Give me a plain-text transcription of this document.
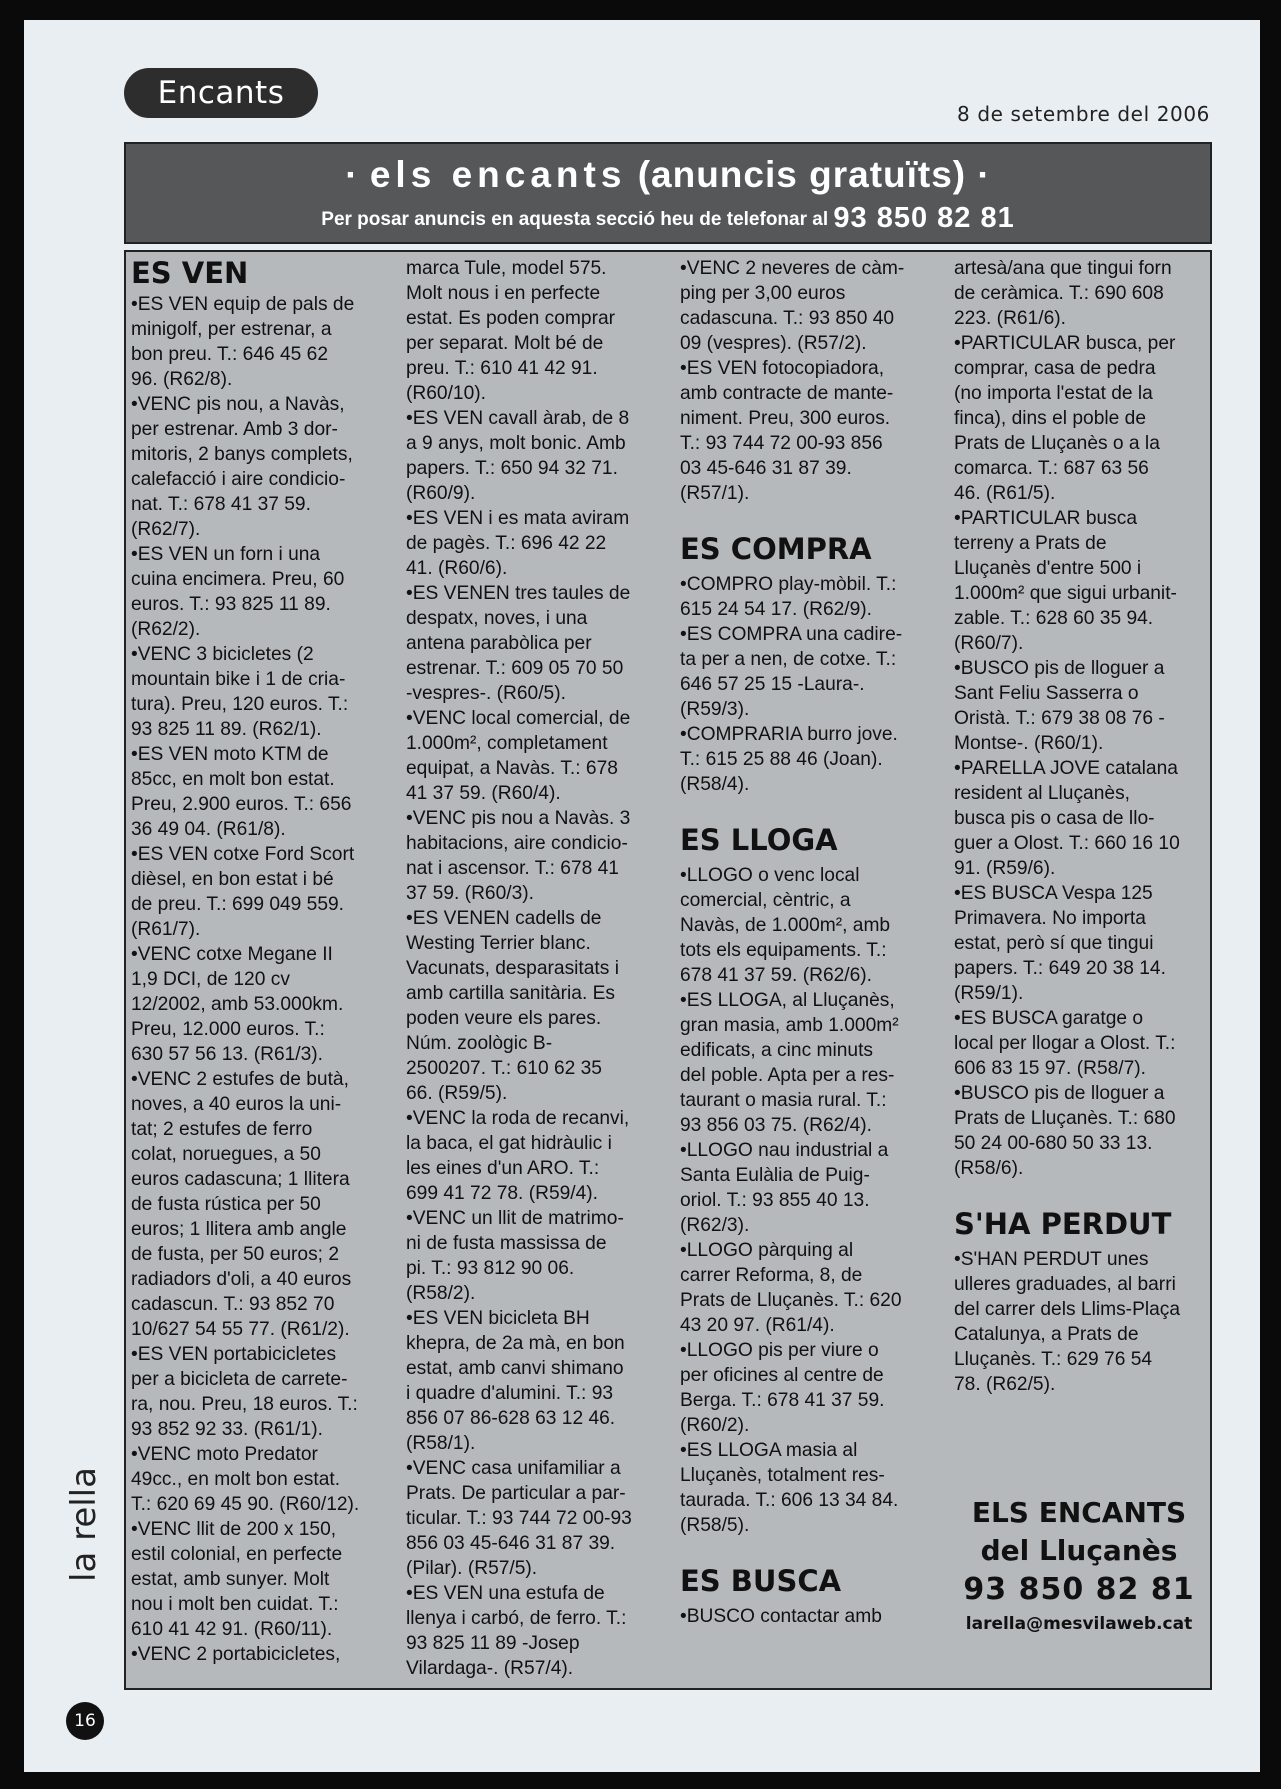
Encants
8 de setembre del 2006
· els encants (anuncis gratuïts) ·
Per posar anuncis en aquesta secció heu de telefonar al 93 850 82 81
ES VEN

•ES VEN equip de pals de

minigolf, per estrenar, a

bon preu. T.: 646 45 62

96. (R62/8).

•VENC pis nou, a Navàs,

per estrenar. Amb 3 dor-

mitoris, 2 banys complets,

calefacció i aire condicio-

nat. T.: 678 41 37 59.

(R62/7).

•ES VEN un forn i una

cuina encimera. Preu, 60

euros. T.: 93 825 11 89.

(R62/2).

•VENC 3 bicicletes (2

mountain bike i 1 de cria-

tura). Preu, 120 euros. T.:

93 825 11 89. (R62/1).

•ES VEN moto KTM de

85cc, en molt bon estat.

Preu, 2.900 euros. T.: 656

36 49 04. (R61/8).

•ES VEN cotxe Ford Scort

dièsel, en bon estat i bé

de preu. T.: 699 049 559.

(R61/7).

•VENC cotxe Megane II

1,9 DCI, de 120 cv

12/2002, amb 53.000km.

Preu, 12.000 euros. T.:

630 57 56 13. (R61/3).

•VENC 2 estufes de butà,

noves, a 40 euros la uni-

tat; 2 estufes de ferro

colat, noruegues, a 50

euros cadascuna; 1 llitera

de fusta rústica per 50

euros; 1 llitera amb angle

de fusta, per 50 euros; 2

radiadors d'oli, a 40 euros

cadascun. T.: 93 852 70

10/627 54 55 77. (R61/2).

•ES VEN portabicicletes

per a bicicleta de carrete-

ra, nou. Preu, 18 euros. T.:

93 852 92 33. (R61/1).

•VENC moto Predator

49cc., en molt bon estat.

T.: 620 69 45 90. (R60/12).

•VENC llit de 200 x 150,

estil colonial, en perfecte

estat, amb sunyer. Molt

nou i molt ben cuidat. T.:

610 41 42 91. (R60/11).

•VENC 2 portabicicletes,

marca Tule, model 575.

Molt nous i en perfecte

estat. Es poden comprar

per separat. Molt bé de

preu. T.: 610 41 42 91.

(R60/10).

•ES VEN cavall àrab, de 8

a 9 anys, molt bonic. Amb

papers. T.: 650 94 32 71.

(R60/9).

•ES VEN i es mata aviram

de pagès. T.: 696 42 22

41. (R60/6).

•ES VENEN tres taules de

despatx, noves, i una

antena parabòlica per

estrenar. T.: 609 05 70 50

-vespres-. (R60/5).

•VENC local comercial, de

1.000m², completament

equipat, a Navàs. T.: 678

41 37 59. (R60/4).

•VENC pis nou a Navàs. 3

habitacions, aire condicio-

nat i ascensor. T.: 678 41

37 59. (R60/3).

•ES VENEN cadells de

Westing Terrier blanc.

Vacunats, desparasitats i

amb cartilla sanitària. Es

poden veure els pares.

Núm. zoològic B-

2500207. T.: 610 62 35

66. (R59/5).

•VENC la roda de recanvi,

la baca, el gat hidràulic i

les eines d'un ARO. T.:

699 41 72 78. (R59/4).

•VENC un llit de matrimo-

ni de fusta massissa de

pi. T.: 93 812 90 06.

(R58/2).

•ES VEN bicicleta BH

khepra, de 2a mà, en bon

estat, amb canvi shimano

i quadre d'alumini. T.: 93

856 07 86-628 63 12 46.

(R58/1).

•VENC casa unifamiliar a

Prats. De particular a par-

ticular. T.: 93 744 72 00-93

856 03 45-646 31 87 39.

(Pilar). (R57/5).

•ES VEN una estufa de

llenya i carbó, de ferro. T.:

93 825 11 89 -Josep

Vilardaga-. (R57/4).

•VENC 2 neveres de càm-

ping per 3,00 euros

cadascuna. T.: 93 850 40

09 (vespres). (R57/2).

•ES VEN fotocopiadora,

amb contracte de mante-

niment. Preu, 300 euros.

T.: 93 744 72 00-93 856

03 45-646 31 87 39.

(R57/1).

ES COMPRA

•COMPRO play-mòbil. T.:

615 24 54 17. (R62/9).

•ES COMPRA una cadire-

ta per a nen, de cotxe. T.:

646 57 25 15 -Laura-.

(R59/3).

•COMPRARIA burro jove.

T.: 615 25 88 46 (Joan).

(R58/4).

ES LLOGA

•LLOGO o venc local

comercial, cèntric, a

Navàs, de 1.000m², amb

tots els equipaments. T.:

678 41 37 59. (R62/6).

•ES LLOGA, al Lluçanès,

gran masia, amb 1.000m²

edificats, a cinc minuts

del poble. Apta per a res-

taurant o masia rural. T.:

93 856 03 75. (R62/4).

•LLOGO nau industrial a

Santa Eulàlia de Puig-

oriol. T.: 93 855 40 13.

(R62/3).

•LLOGO pàrquing al

carrer Reforma, 8, de

Prats de Lluçanès. T.: 620

43 20 97. (R61/4).

•LLOGO pis per viure o

per oficines al centre de

Berga. T.: 678 41 37 59.

(R60/2).

•ES LLOGA masia al

Lluçanès, totalment res-

taurada. T.: 606 13 34 84.

(R58/5).

ES BUSCA

•BUSCO contactar amb

artesà/ana que tingui forn

de ceràmica. T.: 690 608

223. (R61/6).

•PARTICULAR busca, per

comprar, casa de pedra

(no importa l'estat de la

finca), dins el poble de

Prats de Lluçanès o a la

comarca. T.: 687 63 56

46. (R61/5).

•PARTICULAR busca

terreny a Prats de

Lluçanès d'entre 500 i

1.000m² que sigui urbanit-

zable. T.: 628 60 35 94.

(R60/7).

•BUSCO pis de lloguer a

Sant Feliu Sasserra o

Oristà. T.: 679 38 08 76 -

Montse-. (R60/1).

•PARELLA JOVE catalana

resident al Lluçanès,

busca pis o casa de llo-

guer a Olost. T.: 660 16 10

91. (R59/6).

•ES BUSCA Vespa 125

Primavera. No importa

estat, però sí que tingui

papers. T.: 649 20 38 14.

(R59/1).

•ES BUSCA garatge o

local per llogar a Olost. T.:

606 83 15 97. (R58/7).

•BUSCO pis de lloguer a

Prats de Lluçanès. T.: 680

50 24 00-680 50 33 13.

(R58/6).

S'HA PERDUT

•S'HAN PERDUT unes

ulleres graduades, al barri

del carrer dels Llims-Plaça

Catalunya, a Prats de

Lluçanès. T.: 629 76 54

78. (R62/5).

ELS ENCANTS
del Lluçanès
93 850 82 81
larella@mesvilaweb.cat
la rella
16
